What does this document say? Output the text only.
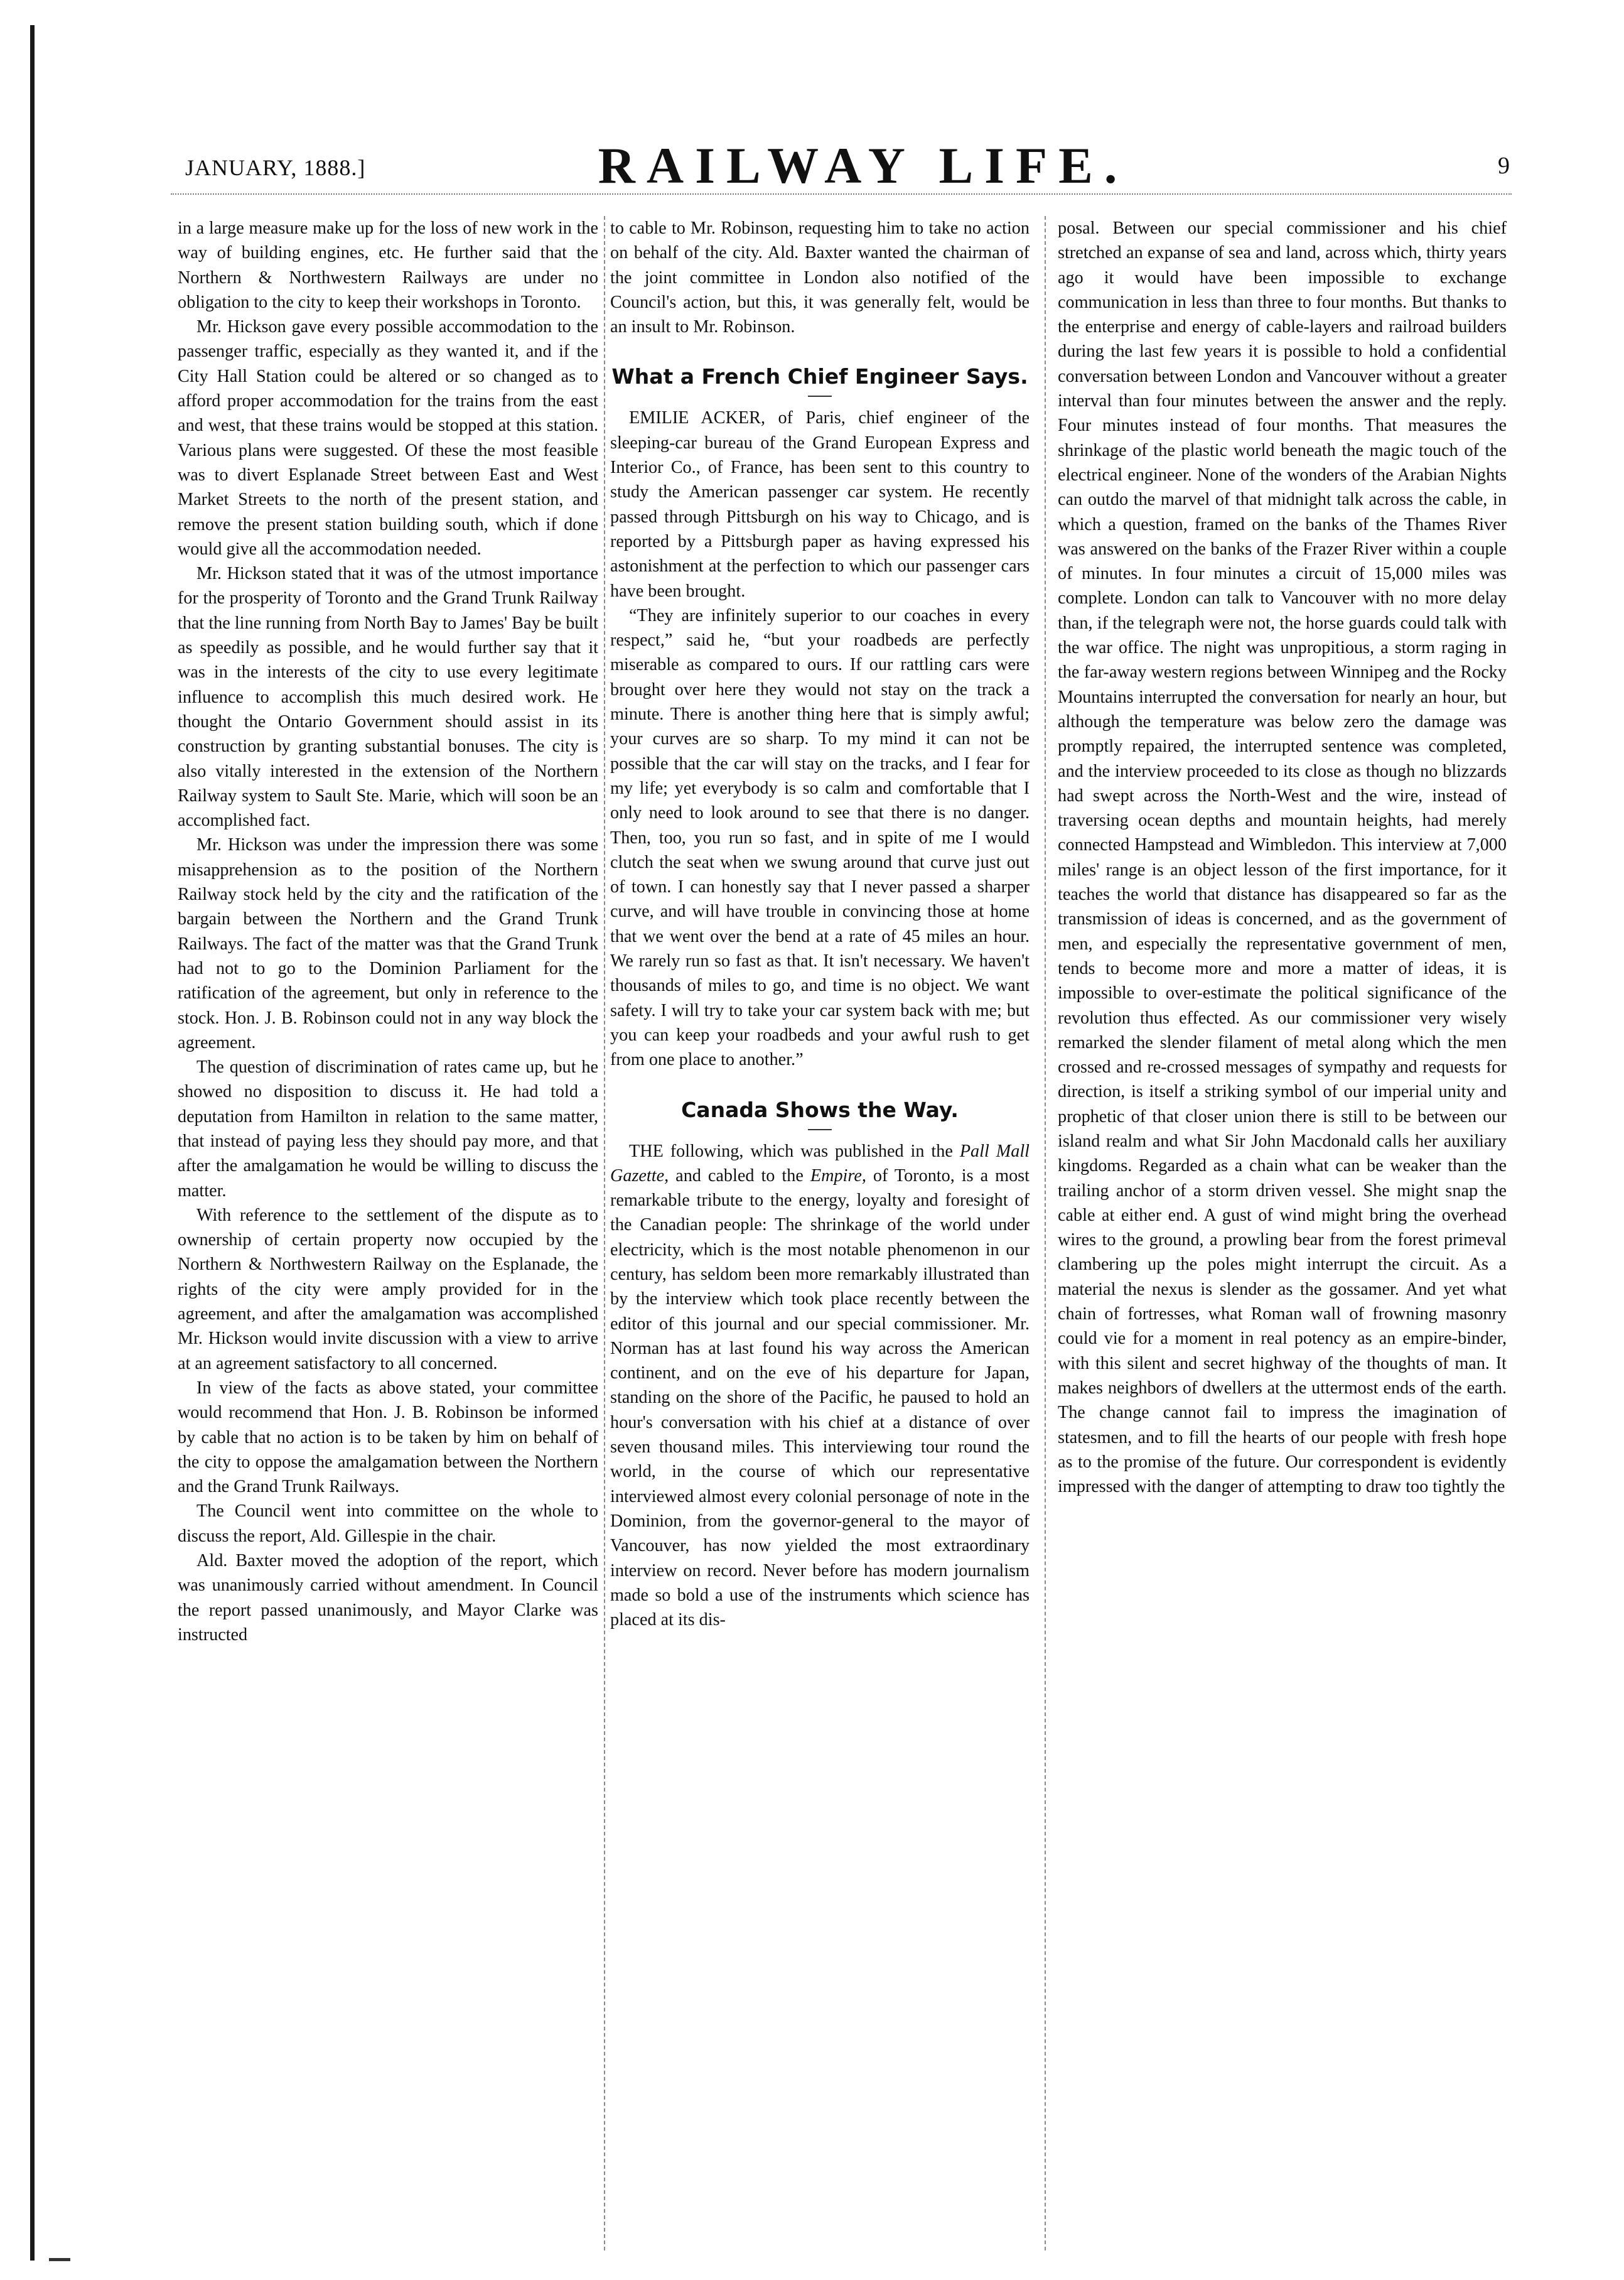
JANUARY, 1888.]	RAILWAY LIFE.	9

in a large measure make up for the loss of new work in the way of building engines, etc. He further said that the Northern & Northwestern Railways are under no obligation to the city to keep their workshops in Toronto.

Mr. Hickson gave every possible accommodation to the passenger traffic, especially as they wanted it, and if the City Hall Station could be altered or so changed as to afford proper accommodation for the trains from the east and west, that these trains would be stopped at this station. Various plans were suggested. Of these the most feasible was to divert Esplanade Street between East and West Market Streets to the north of the present station, and remove the present station building south, which if done would give all the accommodation needed.

Mr. Hickson stated that it was of the utmost importance for the prosperity of Toronto and the Grand Trunk Railway that the line running from North Bay to James' Bay be built as speedily as possible, and he would further say that it was in the interests of the city to use every legitimate influence to accomplish this much desired work. He thought the Ontario Government should assist in its construction by granting substantial bonuses. The city is also vitally interested in the extension of the Northern Railway system to Sault Ste. Marie, which will soon be an accomplished fact.

Mr. Hickson was under the impression there was some misapprehension as to the position of the Northern Railway stock held by the city and the ratification of the bargain between the Northern and the Grand Trunk Railways. The fact of the matter was that the Grand Trunk had not to go to the Dominion Parliament for the ratification of the agreement, but only in reference to the stock. Hon. J. B. Robinson could not in any way block the agreement.

The question of discrimination of rates came up, but he showed no disposition to discuss it. He had told a deputation from Hamilton in relation to the same matter, that instead of paying less they should pay more, and that after the amalgamation he would be willing to discuss the matter.

With reference to the settlement of the dispute as to ownership of certain property now occupied by the Northern & Northwestern Railway on the Esplanade, the rights of the city were amply provided for in the agreement, and after the amalgamation was accomplished Mr. Hickson would invite discussion with a view to arrive at an agreement satisfactory to all concerned.

In view of the facts as above stated, your committee would recommend that Hon. J. B. Robinson be informed by cable that no action is to be taken by him on behalf of the city to oppose the amalgamation between the Northern and the Grand Trunk Railways.

The Council went into committee on the whole to discuss the report, Ald. Gillespie in the chair.

Ald. Baxter moved the adoption of the report, which was unanimously carried without amendment. In Council the report passed unanimously, and Mayor Clarke was instructed

to cable to Mr. Robinson, requesting him to take no action on behalf of the city. Ald. Baxter wanted the chairman of the joint committee in London also notified of the Council's action, but this, it was generally felt, would be an insult to Mr. Robinson.

What a French Chief Engineer Says.

EMILIE ACKER, of Paris, chief engineer of the sleeping-car bureau of the Grand European Express and Interior Co., of France, has been sent to this country to study the American passenger car system. He recently passed through Pittsburgh on his way to Chicago, and is reported by a Pittsburgh paper as having expressed his astonishment at the perfection to which our passenger cars have been brought.

“They are infinitely superior to our coaches in every respect,” said he, “but your roadbeds are perfectly miserable as compared to ours. If our rattling cars were brought over here they would not stay on the track a minute. There is another thing here that is simply awful; your curves are so sharp. To my mind it can not be possible that the car will stay on the tracks, and I fear for my life; yet everybody is so calm and comfortable that I only need to look around to see that there is no danger. Then, too, you run so fast, and in spite of me I would clutch the seat when we swung around that curve just out of town. I can honestly say that I never passed a sharper curve, and will have trouble in convincing those at home that we went over the bend at a rate of 45 miles an hour. We rarely run so fast as that. It isn't necessary. We haven't thousands of miles to go, and time is no object. We want safety. I will try to take your car system back with me; but you can keep your roadbeds and your awful rush to get from one place to another.”

Canada Shows the Way.

THE following, which was published in the Pall Mall Gazette, and cabled to the Empire, of Toronto, is a most remarkable tribute to the energy, loyalty and foresight of the Canadian people: The shrinkage of the world under electricity, which is the most notable phenomenon in our century, has seldom been more remarkably illustrated than by the interview which took place recently between the editor of this journal and our special commissioner. Mr. Norman has at last found his way across the American continent, and on the eve of his departure for Japan, standing on the shore of the Pacific, he paused to hold an hour's conversation with his chief at a distance of over seven thousand miles. This interviewing tour round the world, in the course of which our representative interviewed almost every colonial personage of note in the Dominion, from the governor-general to the mayor of Vancouver, has now yielded the most extraordinary interview on record. Never before has modern journalism made so bold a use of the instruments which science has placed at its dis-

posal. Between our special commissioner and his chief stretched an expanse of sea and land, across which, thirty years ago it would have been impossible to exchange communication in less than three to four months. But thanks to the enterprise and energy of cable-layers and railroad builders during the last few years it is possible to hold a confidential conversation between London and Vancouver without a greater interval than four minutes between the answer and the reply. Four minutes instead of four months. That measures the shrinkage of the plastic world beneath the magic touch of the electrical engineer. None of the wonders of the Arabian Nights can outdo the marvel of that midnight talk across the cable, in which a question, framed on the banks of the Thames River was answered on the banks of the Frazer River within a couple of minutes. In four minutes a circuit of 15,000 miles was complete. London can talk to Vancouver with no more delay than, if the telegraph were not, the horse guards could talk with the war office. The night was unpropitious, a storm raging in the far-away western regions between Winnipeg and the Rocky Mountains interrupted the conversation for nearly an hour, but although the temperature was below zero the damage was promptly repaired, the interrupted sentence was completed, and the interview proceeded to its close as though no blizzards had swept across the North-West and the wire, instead of traversing ocean depths and mountain heights, had merely connected Hampstead and Wimbledon. This interview at 7,000 miles' range is an object lesson of the first importance, for it teaches the world that distance has disappeared so far as the transmission of ideas is concerned, and as the government of men, and especially the representative government of men, tends to become more and more a matter of ideas, it is impossible to over-estimate the political significance of the revolution thus effected. As our commissioner very wisely remarked the slender filament of metal along which the men crossed and re-crossed messages of sympathy and requests for direction, is itself a striking symbol of our imperial unity and prophetic of that closer union there is still to be between our island realm and what Sir John Macdonald calls her auxiliary kingdoms. Regarded as a chain what can be weaker than the trailing anchor of a storm driven vessel. She might snap the cable at either end. A gust of wind might bring the overhead wires to the ground, a prowling bear from the forest primeval clambering up the poles might interrupt the circuit. As a material the nexus is slender as the gossamer. And yet what chain of fortresses, what Roman wall of frowning masonry could vie for a moment in real potency as an empire-binder, with this silent and secret highway of the thoughts of man. It makes neighbors of dwellers at the uttermost ends of the earth. The change cannot fail to impress the imagination of statesmen, and to fill the hearts of our people with fresh hope as to the promise of the future. Our correspondent is evidently impressed with the danger of attempting to draw too tightly the
